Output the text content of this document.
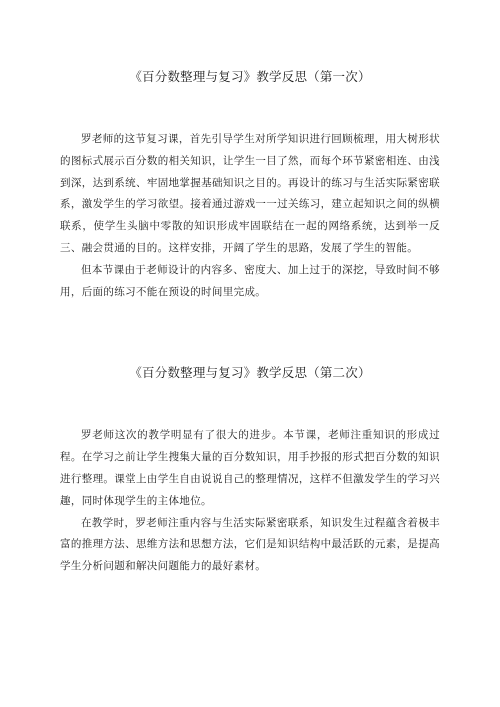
《百分数整理与复习》教学反思（第一次）

罗老师的这节复习课，首先引导学生对所学知识进行回顾梳理，用大树形状的图标式展示百分数的相关知识，让学生一目了然，而每个环节紧密相连、由浅到深，达到系统、牢固地掌握基础知识之目的。再设计的练习与生活实际紧密联系，激发学生的学习欲望。接着通过游戏一一过关练习，建立起知识之间的纵横联系，使学生头脑中零散的知识形成牢固联结在一起的网络系统，达到举一反三、融会贯通的目的。这样安排，开阔了学生的思路，发展了学生的智能。

但本节课由于老师设计的内容多、密度大、加上过于的深挖，导致时间不够用，后面的练习不能在预设的时间里完成。

《百分数整理与复习》教学反思（第二次）

罗老师这次的教学明显有了很大的进步。本节课，老师注重知识的形成过程。在学习之前让学生搜集大量的百分数知识，用手抄报的形式把百分数的知识进行整理。课堂上由学生自由说说自己的整理情况，这样不但激发学生的学习兴趣，同时体现学生的主体地位。

在教学时，罗老师注重内容与生活实际紧密联系，知识发生过程蕴含着极丰富的推理方法、思维方法和思想方法，它们是知识结构中最活跃的元素，是提高学生分析问题和解决问题能力的最好素材。
